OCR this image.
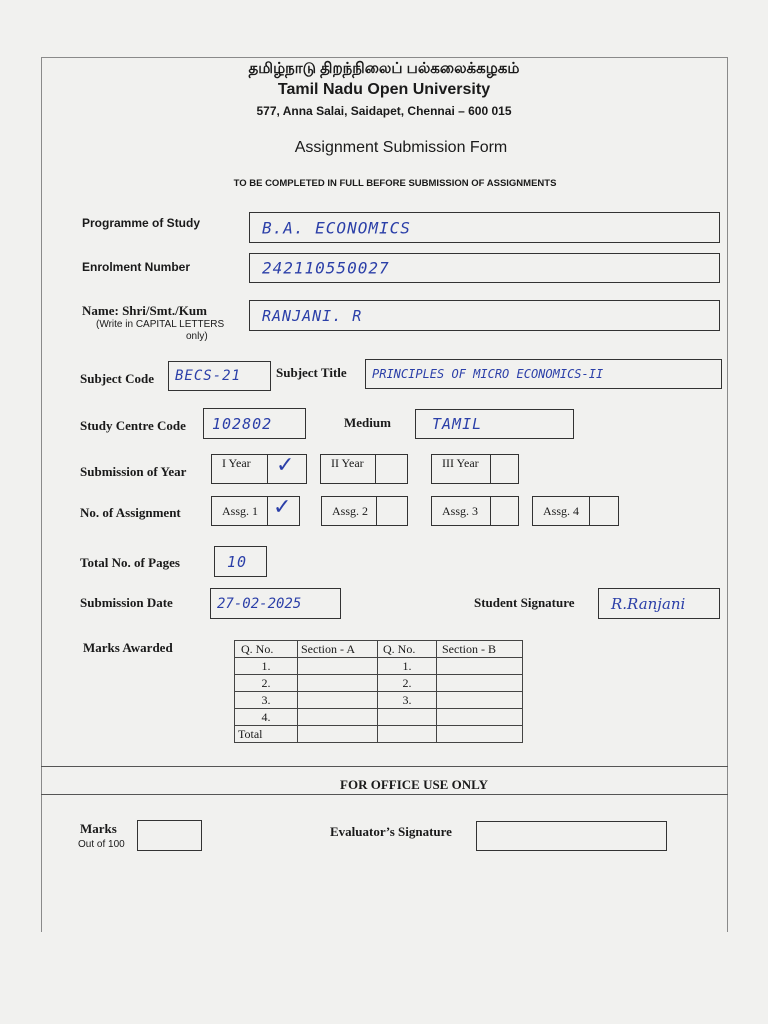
தமிழ்நாடு திறந்நிலைப் பல்கலைக்கழகம்
Tamil Nadu Open University
577, Anna Salai, Saidapet, Chennai – 600 015
Assignment Submission Form
TO BE COMPLETED IN FULL BEFORE SUBMISSION OF ASSIGNMENTS
Programme of Study	B.A. ECONOMICS
Enrolment Number	242110550027
Name: Shri/Smt./Kum
(Write in CAPITAL LETTERS
only)
RANJANI. R
Subject Code BECS-21	Subject Title PRINCIPLES OF MICRO ECONOMICS-II
Study Centre Code 102802	Medium	TAMIL
Submission of Year
I Year	✓	II Year	III Year
No. of Assignment	Assg. 1 ✓	Assg. 2	Assg. 3	Assg. 4
Total No. of Pages	10
Submission Date	27-02-2025	Student Signature R.Ranjani
Marks Awarded	Q. No.	Section - A	Q. No.	Section - B
1.		1.	
2.		2.	
3.		3.	
4.			
Total			
FOR OFFICE USE ONLY
Marks
Out of 100
Evaluator’s Signature
